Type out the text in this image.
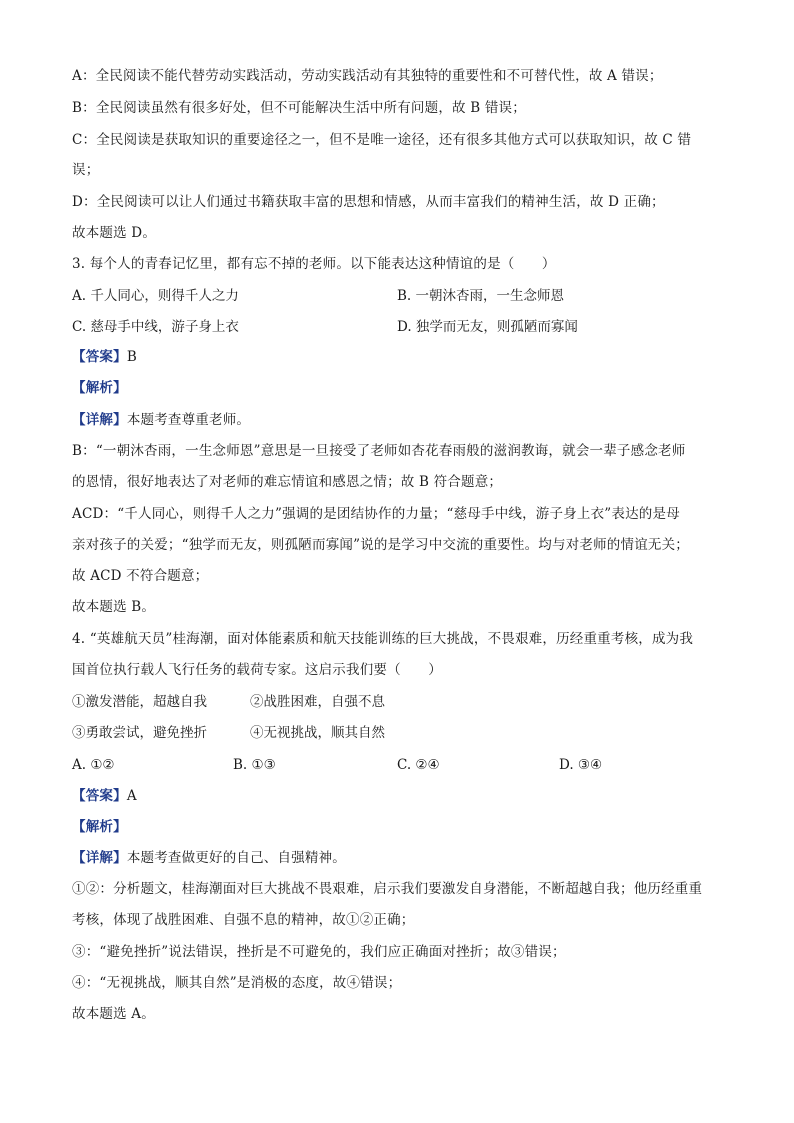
A：全民阅读不能代替劳动实践活动，劳动实践活动有其独特的重要性和不可替代性，故 A 错误；
B：全民阅读虽然有很多好处，但不可能解决生活中所有问题，故 B 错误；
C：全民阅读是获取知识的重要途径之一，但不是唯一途径，还有很多其他方式可以获取知识，故 C 错
误；
D：全民阅读可以让人们通过书籍获取丰富的思想和情感，从而丰富我们的精神生活，故 D 正确；
故本题选 D。
3. 每个人的青春记忆里，都有忘不掉的老师。以下能表达这种情谊的是（　　）
A. 千人同心，则得千人之力	B. 一朝沐杏雨，一生念师恩
C. 慈母手中线，游子身上衣	D. 独学而无友，则孤陋而寡闻
【答案】B
【解析】
【详解】本题考查尊重老师。
B：“一朝沐杏雨，一生念师恩”意思是一旦接受了老师如杏花春雨般的滋润教诲，就会一辈子感念老师
的恩情，很好地表达了对老师的难忘情谊和感恩之情；故 B 符合题意；
ACD：“千人同心，则得千人之力”强调的是团结协作的力量；“慈母手中线，游子身上衣”表达的是母
亲对孩子的关爱；“独学而无友，则孤陋而寡闻”说的是学习中交流的重要性。均与对老师的情谊无关；
故 ACD 不符合题意；
故本题选 B。
4. “英雄航天员”桂海潮，面对体能素质和航天技能训练的巨大挑战，不畏艰难，历经重重考核，成为我
国首位执行载人飞行任务的载荷专家。这启示我们要（　　）
①激发潜能，超越自我	②战胜困难，自强不息
③勇敢尝试，避免挫折	④无视挑战，顺其自然
A. ①②	B. ①③	C. ②④	D. ③④
【答案】A
【解析】
【详解】本题考查做更好的自己、自强精神。
①②：分析题文，桂海潮面对巨大挑战不畏艰难，启示我们要激发自身潜能，不断超越自我；他历经重重
考核，体现了战胜困难、自强不息的精神，故①②正确；
③：“避免挫折”说法错误，挫折是不可避免的，我们应正确面对挫折；故③错误；
④：“无视挑战，顺其自然”是消极的态度，故④错误；
故本题选 A。
